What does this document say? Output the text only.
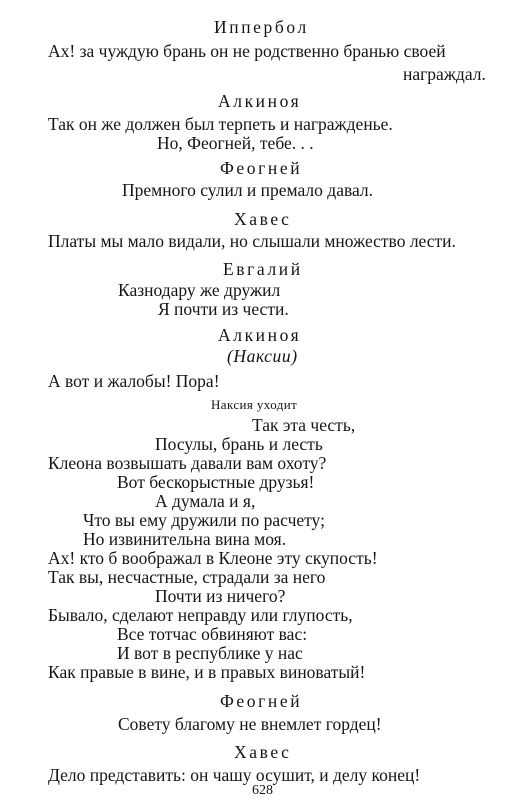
Иппербол
Ах! за чуждую брань он не родственно бранью своей
награждал.
Алкиноя
Так он же должен был терпеть и награжденье.
Но, Феогней, тебе. . .
Феогней
Премного сулил и премало давал.
Хавес
Платы мы мало видали, но слышали множество лести.
Евгалий
Казнодару же дружил
Я почти из чести.
Алкиноя
(Наксии)
А вот и жалобы! Пора!
Наксия уходит
Так эта честь,
Посулы, брань и лесть
Клеона возвышать давали вам охоту?
Вот бескорыстные друзья!
А думала и я,
Что вы ему дружили по расчету;
Но извинительна вина моя.
Ах! кто б воображал в Клеоне эту скупость!
Так вы, несчастные, страдали за него
Почти из ничего?
Бывало, сделают неправду или глупость,
Все тотчас обвиняют вас:
И вот в республике у нас
Как правые в вине, и в правых виноватый!
Феогней
Совету благому не внемлет гордец!
Хавес
Дело представить: он чашу осушит, и делу конец!
628
